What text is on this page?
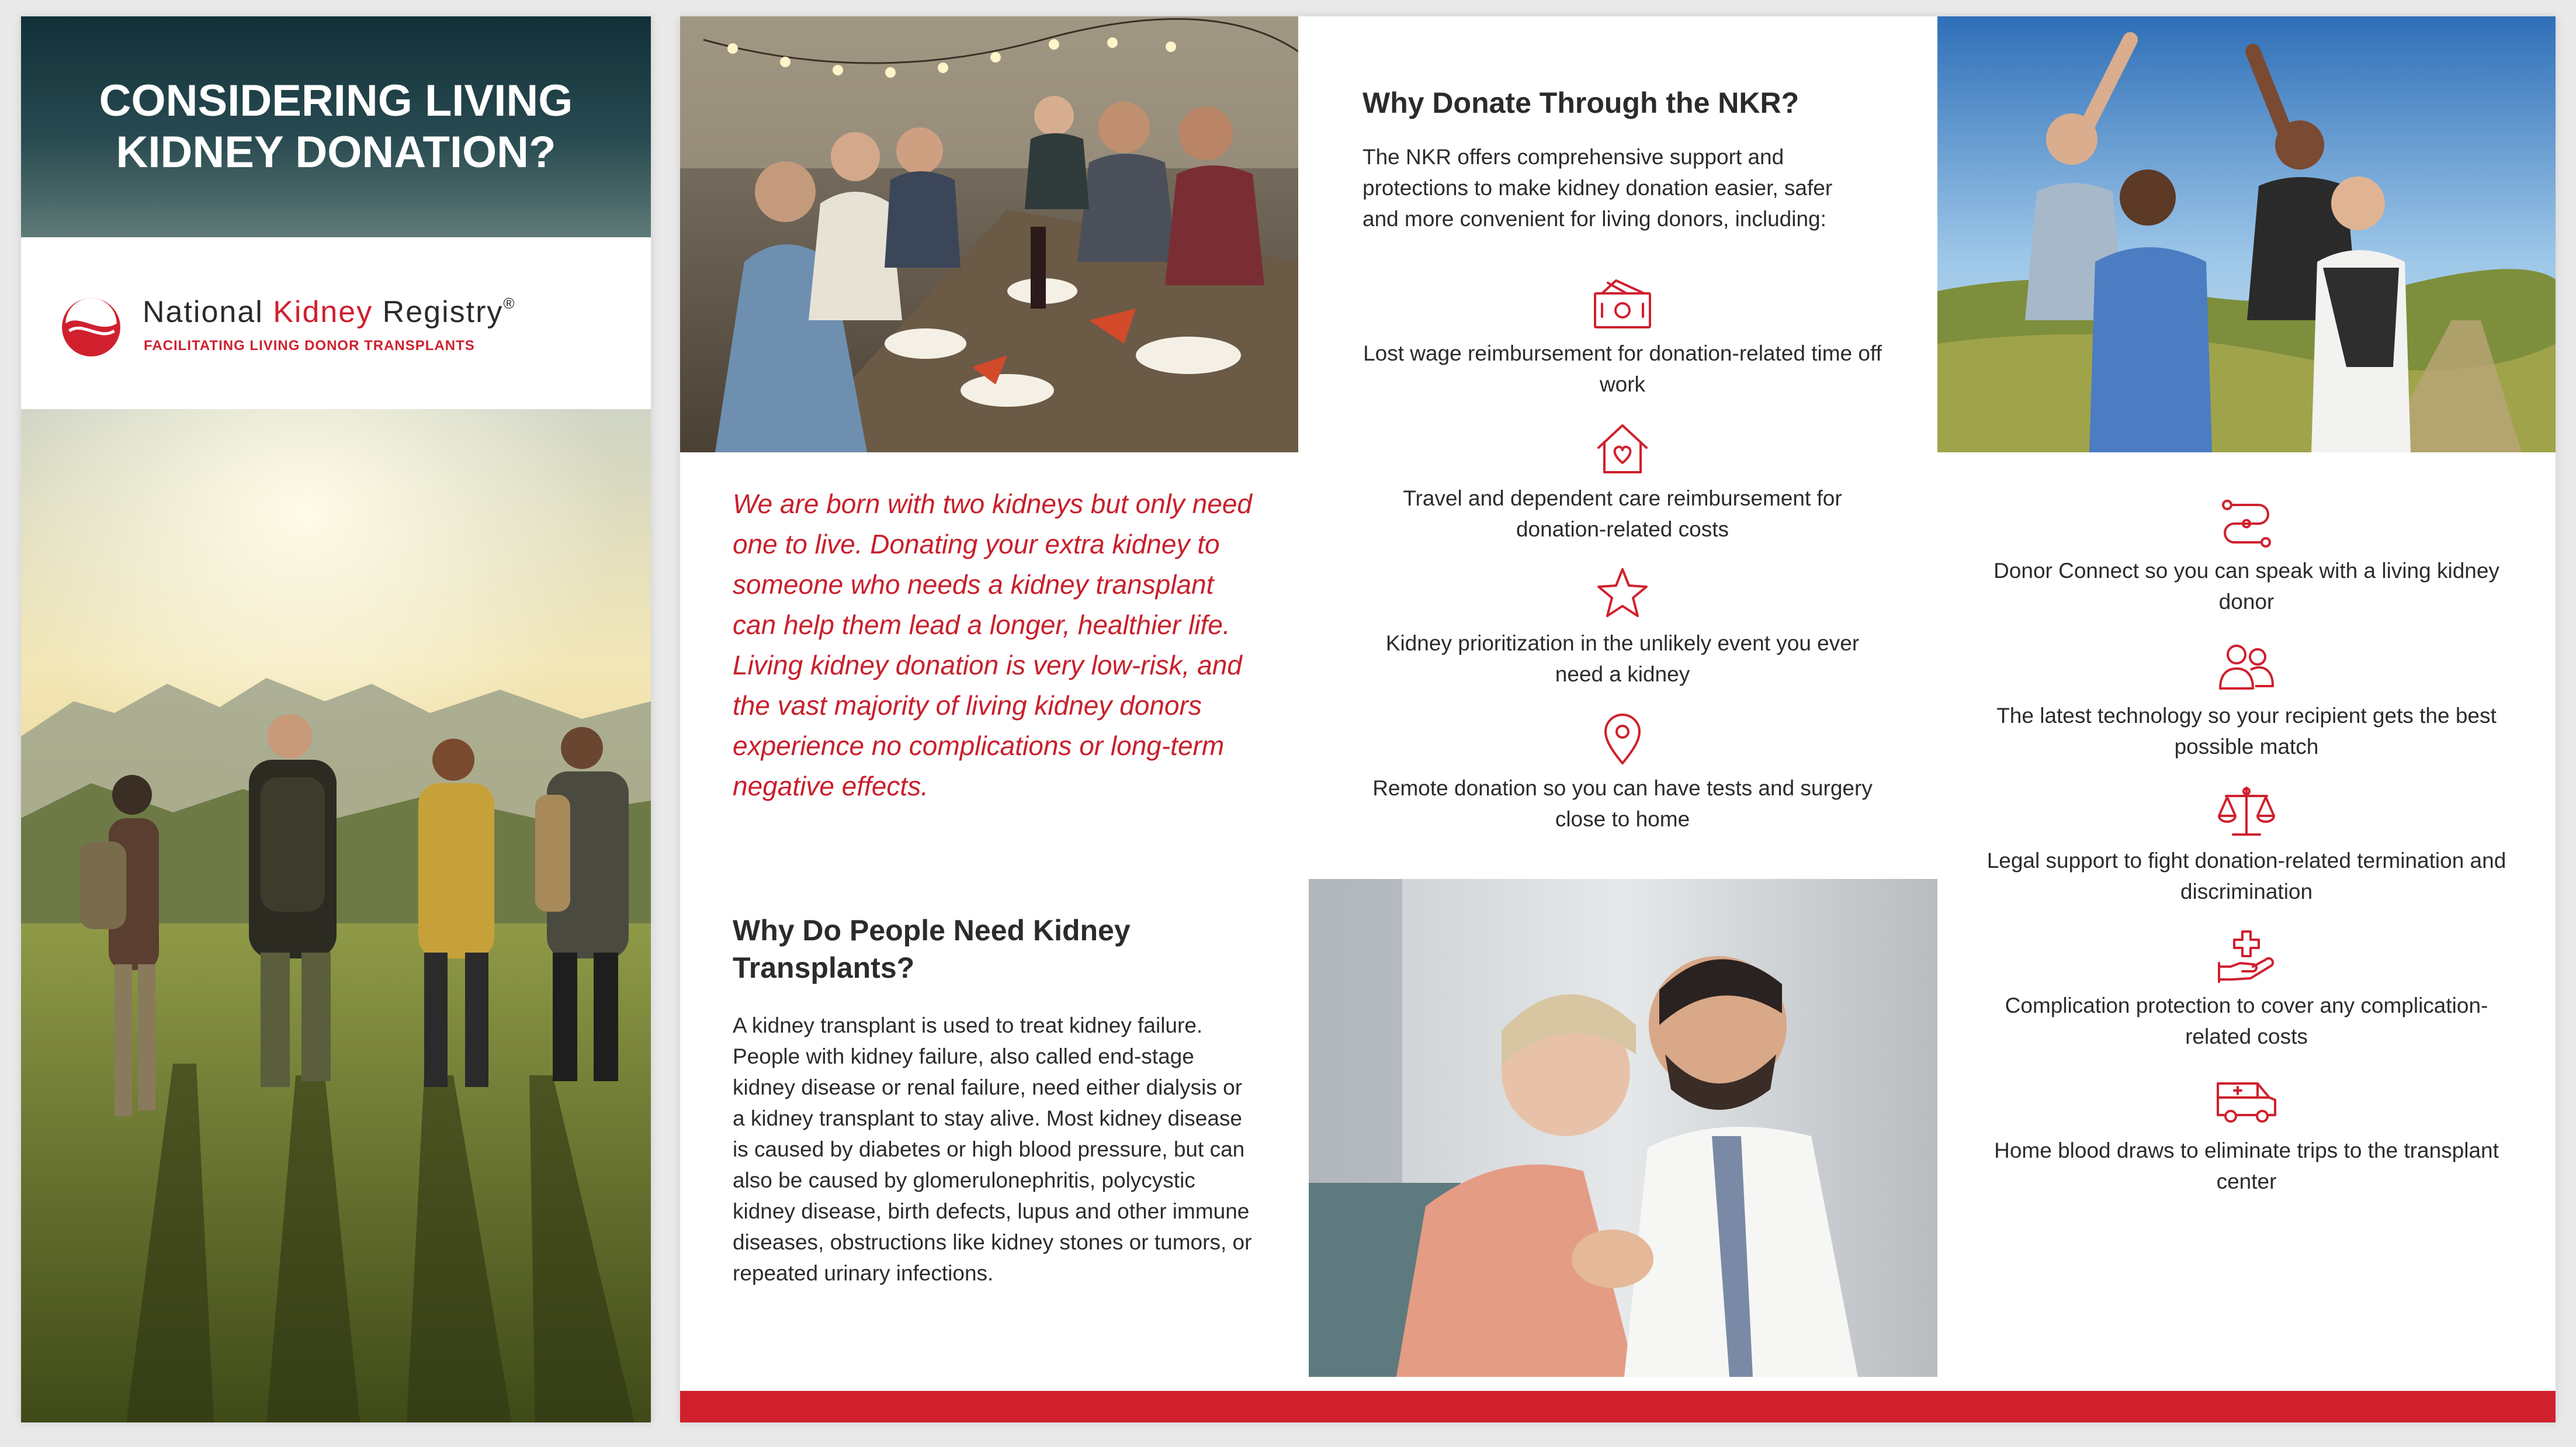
CONSIDERING LIVING KIDNEY DONATION?
National Kidney Registry®
FACILITATING LIVING DONOR TRANSPLANTS

We are born with two kidneys but only need one to live. Donating your extra kidney to someone who needs a kidney transplant can help them lead a longer, healthier life. Living kidney donation is very low-risk, and the vast majority of living kidney donors experience no complications or long-term negative effects.

Why Do People Need Kidney Transplants?

A kidney transplant is used to treat kidney failure. People with kidney failure, also called end-stage kidney disease or renal failure, need either dialysis or a kidney transplant to stay alive. Most kidney disease is caused by diabetes or high blood pressure, but can also be caused by glomerulonephritis, polycystic kidney disease, birth defects, lupus and other immune diseases, obstructions like kidney stones or tumors, or repeated urinary infections.

Why Donate Through the NKR?

The NKR offers comprehensive support and protections to make kidney donation easier, safer and more convenient for living donors, including:

Lost wage reimbursement for donation-related time off work
Travel and dependent care reimbursement for donation-related costs
Kidney prioritization in the unlikely event you ever need a kidney
Remote donation so you can have tests and surgery close to home
Donor Connect so you can speak with a living kidney donor
The latest technology so your recipient gets the best possible match
Legal support to fight donation-related termination and discrimination
Complication protection to cover any complication-related costs
Home blood draws to eliminate trips to the transplant center
